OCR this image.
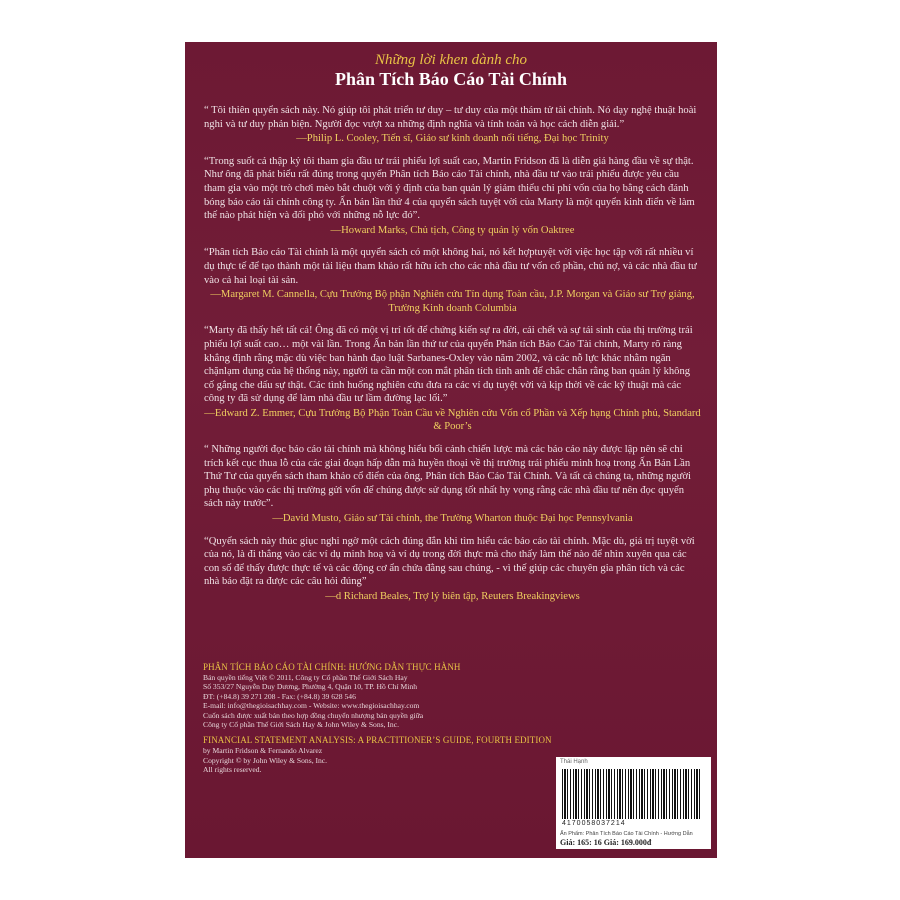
Những lời khen dành cho
Phân Tích Báo Cáo Tài Chính

“ Tôi thiên quyển sách này. Nó giúp tôi phát triển tư duy – tư duy của một thám tử tài chính. Nó dạy nghệ thuật hoài nghi và tư duy phản biện. Người đọc vượt xa những định nghĩa và tính toán và học cách diễn giải.”

—Philip L. Cooley, Tiến sĩ, Giáo sư kinh doanh nổi tiếng, Đại học Trinity

“Trong suốt cả thập kỷ tôi tham gia đầu tư trái phiếu lợi suất cao, Martin Fridson đã là diễn giả hàng đầu về sự thật. Như ông đã phát biểu rất đúng trong quyển Phân tích Báo cáo Tài chính, nhà đầu tư vào trái phiếu được yêu cầu tham gia vào một trò chơi mèo bắt chuột với ý định của ban quản lý giảm thiểu chi phí vốn của họ bằng cách đánh bóng báo cáo tài chính công ty. Ấn bản lần thứ 4 của quyển sách tuyệt vời của Marty là một quyển kinh điển về làm thế nào phát hiện và đối phó với những nỗ lực đó”.

—Howard Marks, Chủ tịch, Công ty quản lý vốn Oaktree

“Phân tích Báo cáo Tài chính là một quyển sách có một không hai, nó kết hợptuyệt vời việc học tập với rất nhiều ví dụ thực tế để tạo thành một tài liệu tham khảo rất hữu ích cho các nhà đầu tư vốn cổ phần, chủ nợ, và các nhà đầu tư vào cả hai loại tài sản.

—Margaret M. Cannella, Cựu Trưởng Bộ phận Nghiên cứu Tín dụng Toàn cầu, J.P. Morgan và Giáo sư Trợ giảng, Trường Kinh doanh Columbia

“Marty đã thấy hết tất cả! Ông đã có một vị trí tốt để chứng kiến sự ra đời, cái chết và sự tái sinh của thị trường trái phiếu lợi suất cao… một vài lần. Trong Ấn bản lần thứ tư của quyển Phân tích Báo Cáo Tài chính, Marty rõ ràng khẳng định rằng mặc dù việc ban hành đạo luật Sarbanes-Oxley vào năm 2002, và các nỗ lực khác nhằm ngăn chặnlạm dụng của hệ thống này, người ta cần một con mắt phân tích tinh anh để chắc chắn rằng ban quản lý không cố gắng che dấu sự thật. Các tình huống nghiên cứu đưa ra các ví dụ tuyệt vời và kịp thời về các kỹ thuật mà các công ty đã sử dụng để làm nhà đầu tư lầm đường lạc lối.”

—Edward Z. Emmer, Cựu Trưởng Bộ Phận Toàn Cầu về Nghiên cứu Vốn cổ Phần và Xếp hạng Chính phủ, Standard & Poor’s

“ Những người đọc báo cáo tài chính mà không hiểu bối cảnh chiến lược mà các báo cáo này được lập nên sẽ chỉ trích kết cục thua lỗ của các giai đoạn hấp dẫn mà huyền thoại về thị trường trái phiếu minh hoạ trong Ấn Bản Lần Thứ Tư của quyển sách tham khảo cổ điển của ông, Phân tích Báo Cáo Tài Chính. Và tất cả chúng ta, những người phụ thuộc vào các thị trường gửi vốn để chúng được sử dụng tốt nhất hy vọng rằng các nhà đầu tư nên đọc quyển sách này trước”.

—David Musto, Giáo sư Tài chính, the Trường Wharton thuộc Đại học Pennsylvania

“Quyển sách này thúc giục nghi ngờ một cách đúng đắn khi tìm hiểu các báo cáo tài chính. Mặc dù, giá trị tuyệt vời của nó, là đi thẳng vào các ví dụ minh hoạ và ví dụ trong đời thực mà cho thấy làm thế nào để nhìn xuyên qua các con số để thấy được thực tế và các động cơ ẩn chứa đằng sau chúng, - vì thế giúp các chuyên gia phân tích và các nhà báo đặt ra được các câu hỏi đúng”

—d Richard Beales, Trợ lý biên tập, Reuters Breakingviews

PHÂN TÍCH BÁO CÁO TÀI CHÍNH: HƯỚNG DẪN THỰC HÀNH

Bản quyền tiếng Việt © 2011, Công ty Cổ phần Thế Giới Sách Hay

Số 353/27 Nguyễn Duy Dương, Phường 4, Quận 10, TP. Hồ Chí Minh

ĐT: (+84.8) 39 271 208 - Fax: (+84.8) 39 628 546

E-mail: info@thegioisachhay.com - Website: www.thegioisachhay.com

Cuốn sách được xuất bản theo hợp đồng chuyển nhượng bản quyền giữa

Công ty Cổ phần Thế Giới Sách Hay & John Wiley & Sons, Inc.

FINANCIAL STATEMENT ANALYSIS: A PRACTITIONER’S GUIDE, FOURTH EDITION

by Martin Fridson & Fernando Alvarez

Copyright © by John Wiley & Sons, Inc.

All rights reserved.

Thái Hạnh
4170058037214
Ấn Phẩm: Phân Tích Báo Cáo Tài Chính - Hướng Dẫn
Giá: 165: 16 Giá: 169.000đ
